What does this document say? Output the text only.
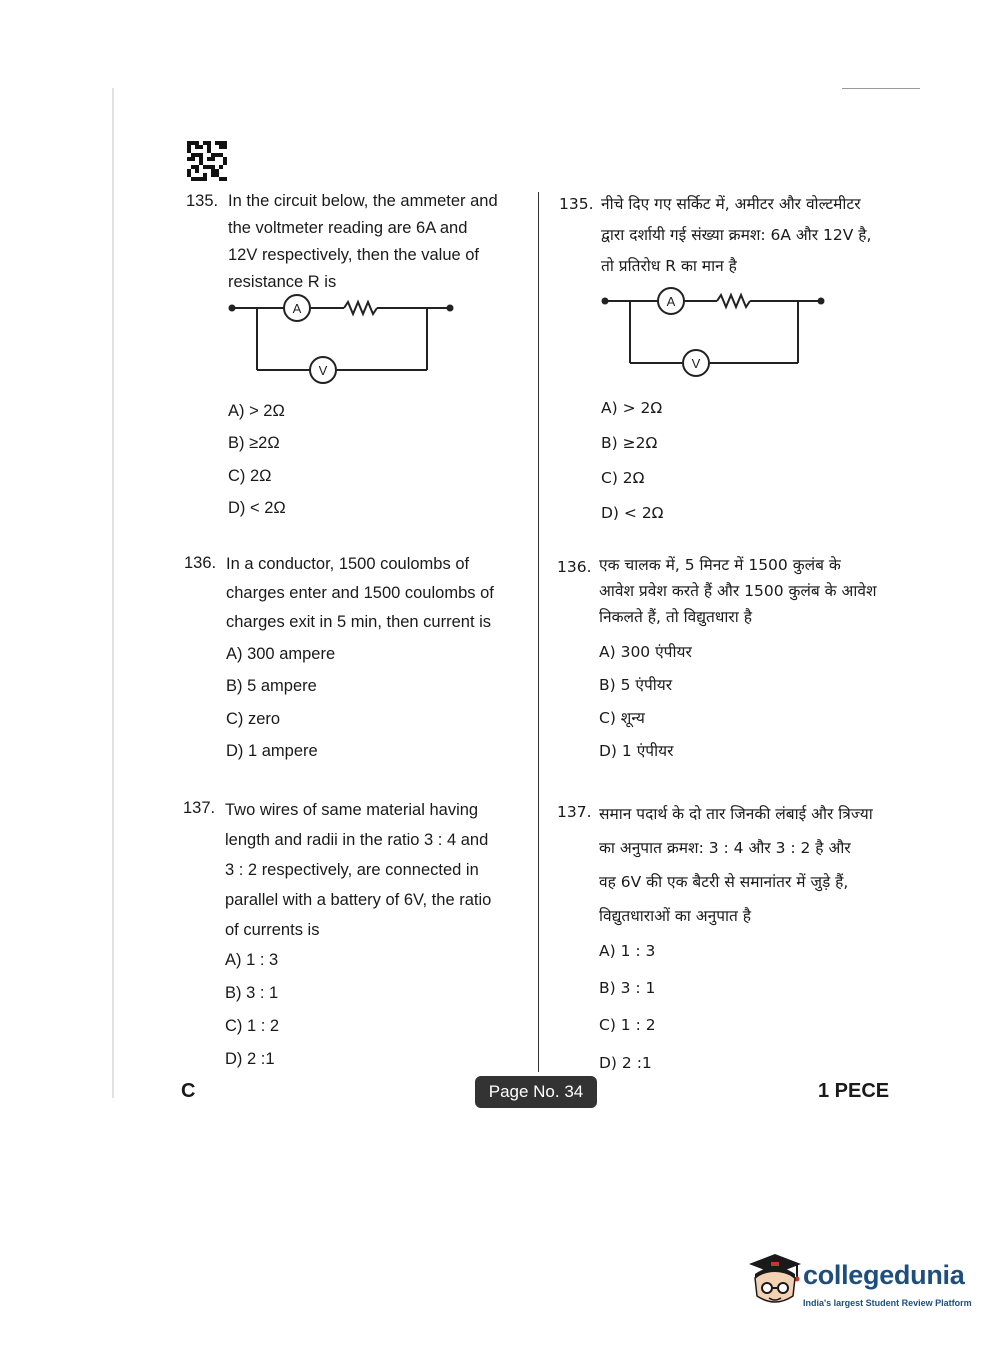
135. In the circuit below, the ammeter and
the voltmeter reading are 6A and
12V respectively, then the value of
resistance R is
A) > 2Ω
B) ≥2Ω
C) 2Ω
D) < 2Ω
A
V
136. In a conductor, 1500 coulombs of
charges enter and 1500 coulombs of
charges exit in 5 min, then current is
A) 300 ampere
B) 5 ampere
C) zero
D) 1 ampere
137. Two wires of same material having
length and radii in the ratio 3 : 4 and
3 : 2 respectively, are connected in
parallel with a battery of 6V, the ratio
of currents is
A) 1 : 3
B) 3 : 1
C) 1 : 2
D) 2 :1
135. नीचे दिए गए सर्किट में, अमीटर और वोल्टमीटर
द्वारा दर्शायी गई संख्या क्रमश: 6A और 12V है,
तो प्रतिरोध R का मान है
A) > 2Ω
B) ≥2Ω
C) 2Ω
D) < 2Ω
A
V
136. एक चालक में, 5 मिनट में 1500 कुलंब के
आवेश प्रवेश करते हैं और 1500 कुलंब के आवेश
निकलते हैं, तो विद्युतधारा है
A) 300 एंपीयर
B) 5 एंपीयर
C) शून्य
D) 1 एंपीयर
137. समान पदार्थ के दो तार जिनकी लंबाई और त्रिज्या
का अनुपात क्रमश: 3 : 4 और 3 : 2 है और
वह 6V की एक बैटरी से समानांतर में जुड़े हैं,
विद्युतधाराओं का अनुपात है
A) 1 : 3
B) 3 : 1
C) 1 : 2
D) 2 :1
C	Page No. 34	1 PECE
collegedunia
India's largest Student Review Platform
